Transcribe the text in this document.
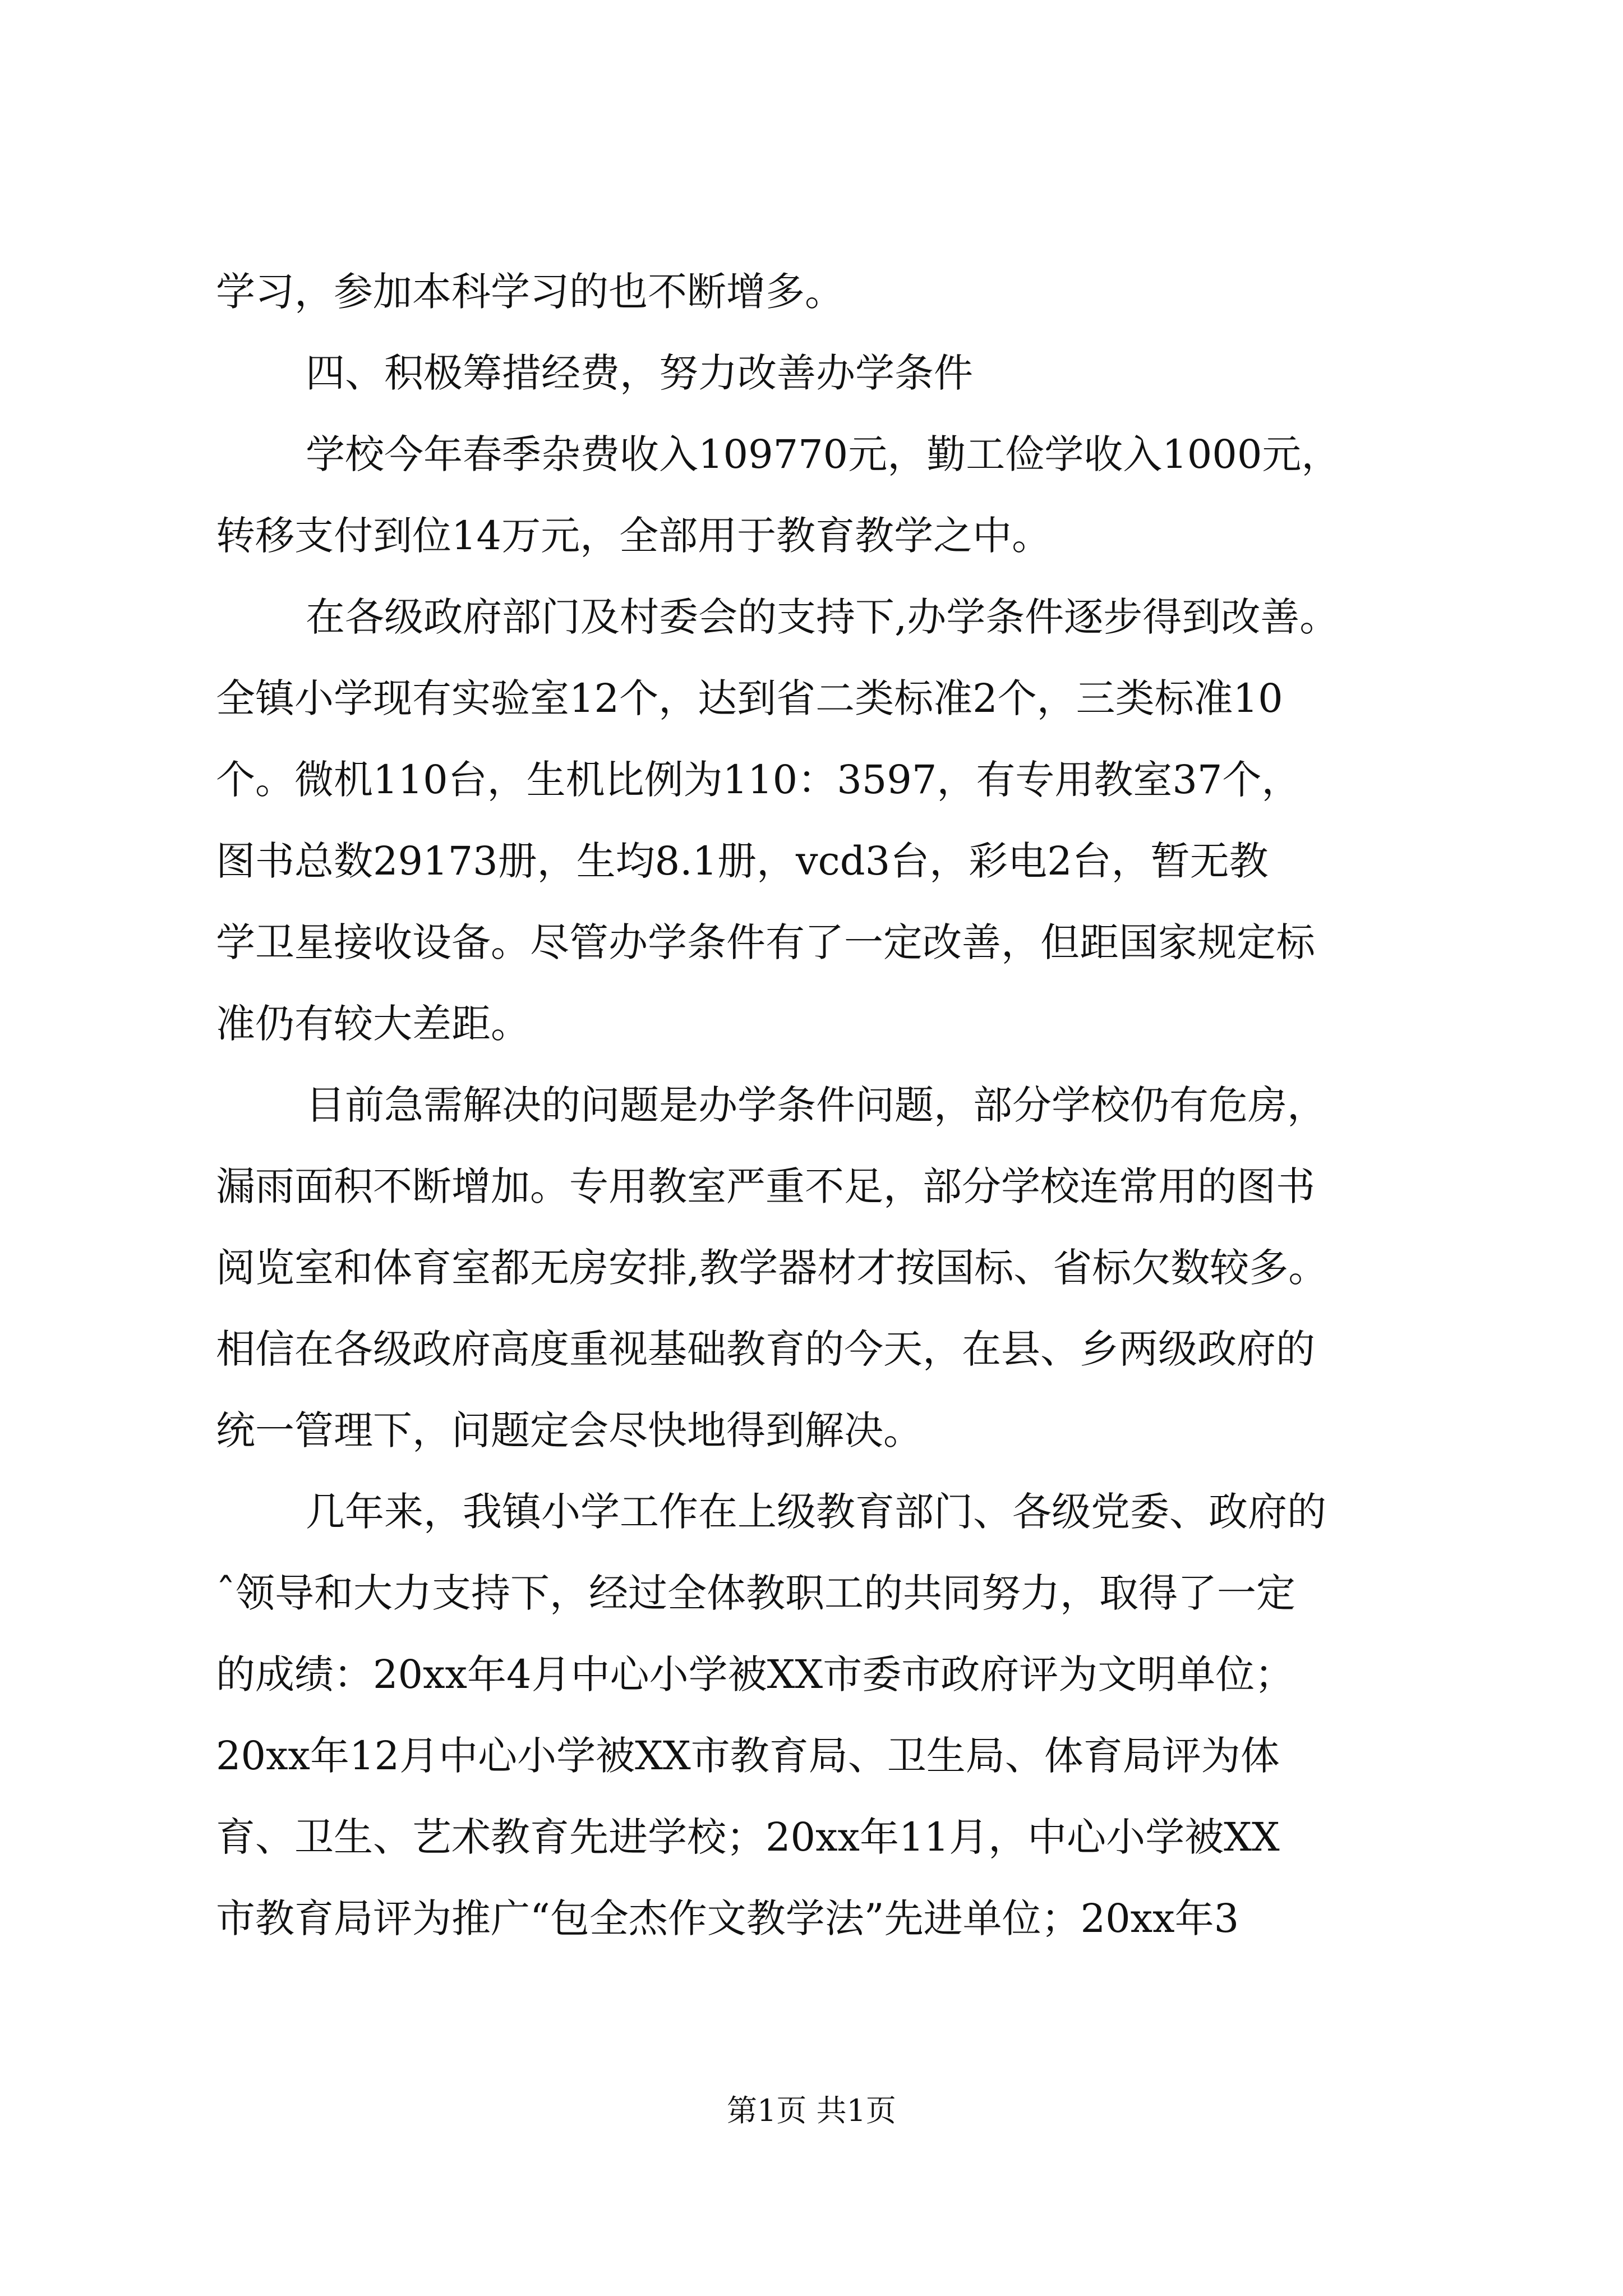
学习，参加本科学习的也不断增多。
四、积极筹措经费，努力改善办学条件
学校今年春季杂费收入109770元，勤工俭学收入1000元，
转移支付到位14万元，全部用于教育教学之中。
在各级政府部门及村委会的支持下,办学条件逐步得到改善。
全镇小学现有实验室12个，达到省二类标准2个，三类标准10
个。微机110台，生机比例为110：3597，有专用教室37个，
图书总数29173册，生均8.1册，vcd3台，彩电2台，暂无教
学卫星接收设备。尽管办学条件有了一定改善，但距国家规定标
准仍有较大差距。
目前急需解决的问题是办学条件问题，部分学校仍有危房，
漏雨面积不断增加。专用教室严重不足，部分学校连常用的图书
阅览室和体育室都无房安排,教学器材才按国标、省标欠数较多。
相信在各级政府高度重视基础教育的今天，在县、乡两级政府的
统一管理下，问题定会尽快地得到解决。
几年来，我镇小学工作在上级教育部门、各级党委、政府的
ˆ领导和大力支持下，经过全体教职工的共同努力，取得了一定
的成绩：20xx年4月中心小学被XX市委市政府评为文明单位；
20xx年12月中心小学被XX市教育局、卫生局、体育局评为体
育、卫生、艺术教育先进学校；20xx年11月，中心小学被XX
市教育局评为推广“包全杰作文教学法”先进单位；20xx年3
第1页 共1页
